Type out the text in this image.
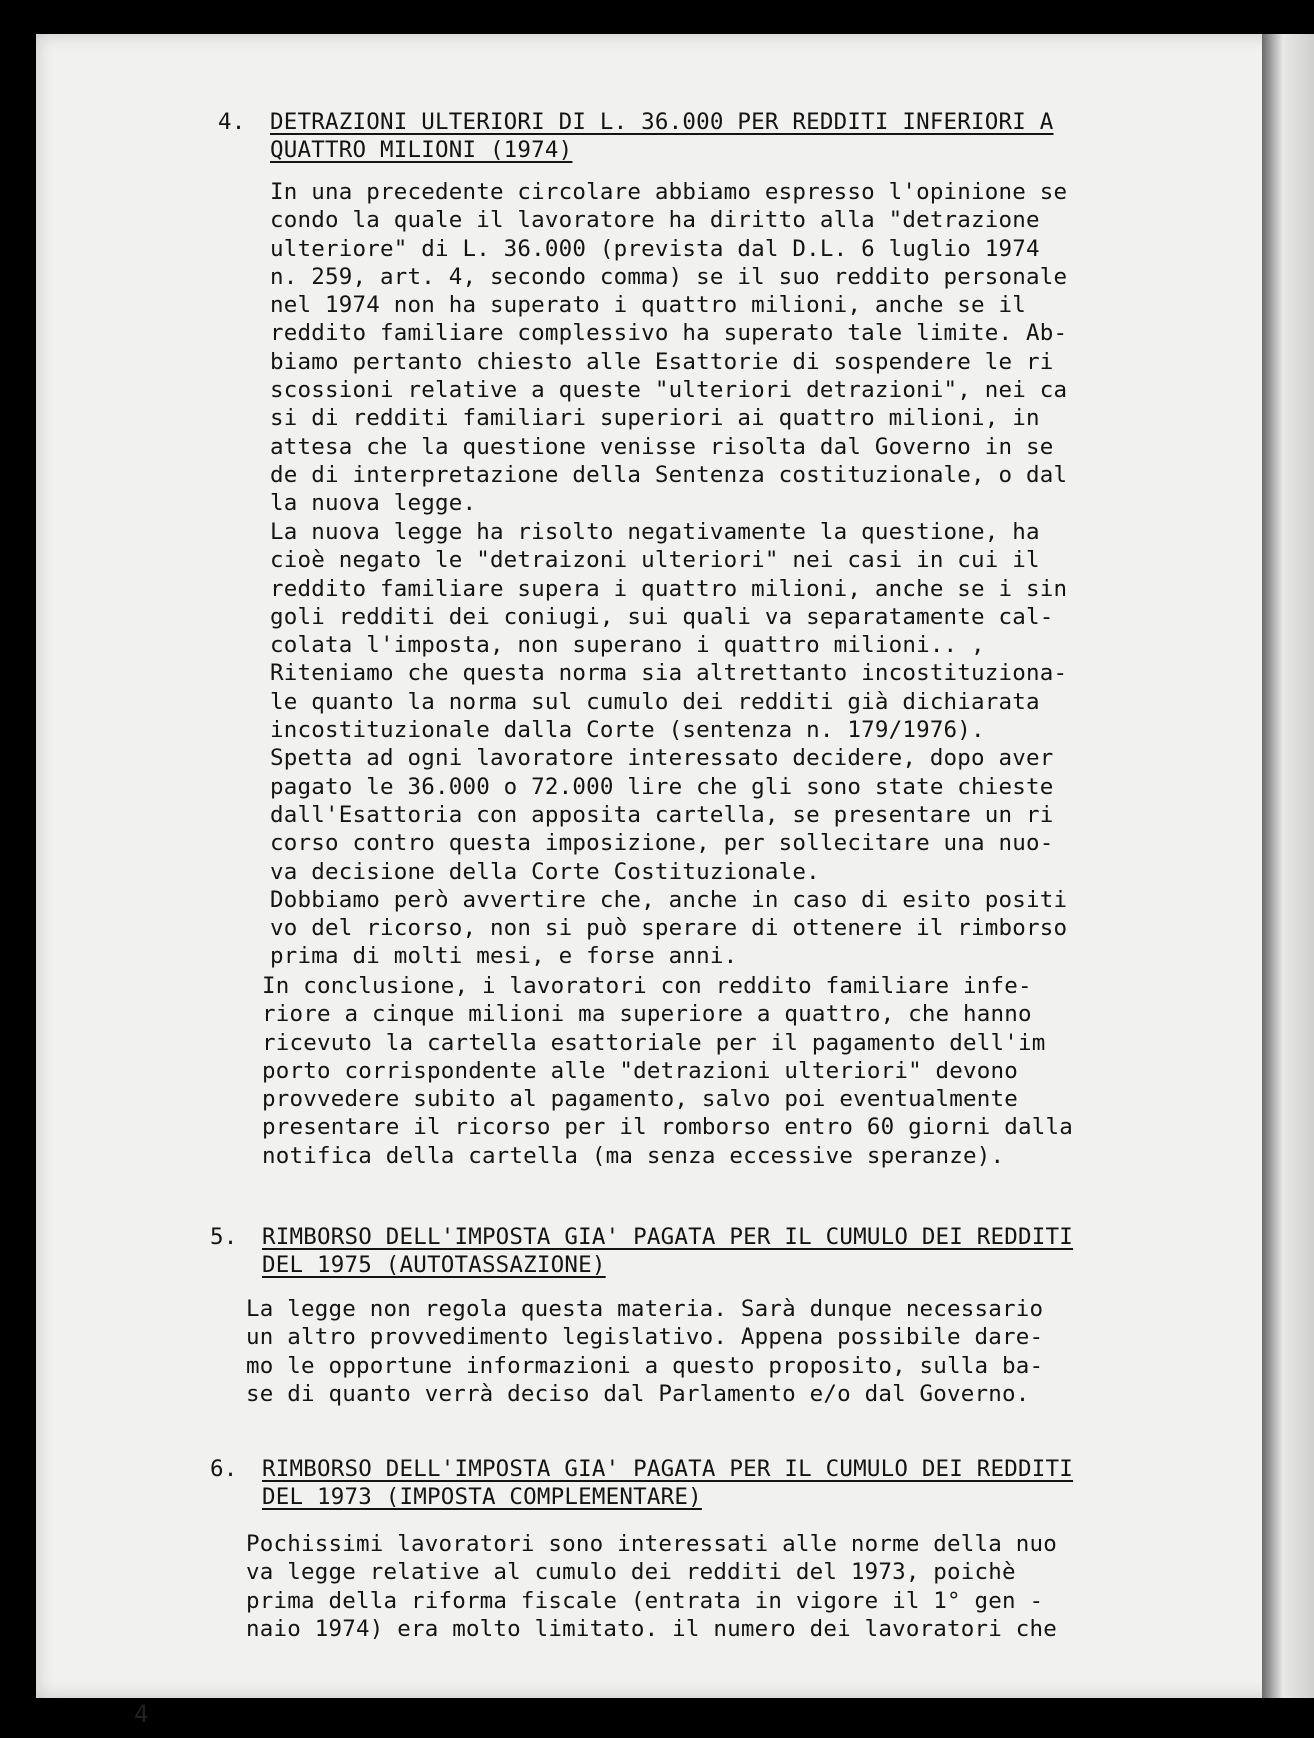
4. DETRAZIONI ULTERIORI DI L. 36.000 PER REDDITI INFERIORI A
QUATTRO MILIONI (1974)
In una precedente circolare abbiamo espresso l'opinione se
condo la quale il lavoratore ha diritto alla "detrazione
ulteriore" di L. 36.000 (prevista dal D.L. 6 luglio 1974
n. 259, art. 4, secondo comma) se il suo reddito personale
nel 1974 non ha superato i quattro milioni, anche se il
reddito familiare complessivo ha superato tale limite. Ab-
biamo pertanto chiesto alle Esattorie di sospendere le ri
scossioni relative a queste "ulteriori detrazioni", nei ca
si di redditi familiari superiori ai quattro milioni, in
attesa che la questione venisse risolta dal Governo in se
de di interpretazione della Sentenza costituzionale, o dal
la nuova legge.
La nuova legge ha risolto negativamente la questione, ha
cioè negato le "detraizoni ulteriori" nei casi in cui il
reddito familiare supera i quattro milioni, anche se i sin
goli redditi dei coniugi, sui quali va separatamente cal-
colata l'imposta, non superano i quattro milioni.. ,
Riteniamo che questa norma sia altrettanto incostituziona-
le quanto la norma sul cumulo dei redditi già dichiarata
incostituzionale dalla Corte (sentenza n. 179/1976).
Spetta ad ogni lavoratore interessato decidere, dopo aver
pagato le 36.000 o 72.000 lire che gli sono state chieste
dall'Esattoria con apposita cartella, se presentare un ri
corso contro questa imposizione, per sollecitare una nuo-
va decisione della Corte Costituzionale.
Dobbiamo però avvertire che, anche in caso di esito positi
vo del ricorso, non si può sperare di ottenere il rimborso
prima di molti mesi, e forse anni.
In conclusione, i lavoratori con reddito familiare infe-
riore a cinque milioni ma superiore a quattro, che hanno
ricevuto la cartella esattoriale per il pagamento dell'im
porto corrispondente alle "detrazioni ulteriori" devono
provvedere subito al pagamento, salvo poi eventualmente
presentare il ricorso per il romborso entro 60 giorni dalla
notifica della cartella (ma senza eccessive speranze).
5. RIMBORSO DELL'IMPOSTA GIA' PAGATA PER IL CUMULO DEI REDDITI
DEL 1975 (AUTOTASSAZIONE)
La legge non regola questa materia. Sarà dunque necessario
un altro provvedimento legislativo. Appena possibile dare-
mo le opportune informazioni a questo proposito, sulla ba-
se di quanto verrà deciso dal Parlamento e/o dal Governo.
6. RIMBORSO DELL'IMPOSTA GIA' PAGATA PER IL CUMULO DEI REDDITI
DEL 1973 (IMPOSTA COMPLEMENTARE)
Pochissimi lavoratori sono interessati alle norme della nuo
va legge relative al cumulo dei redditi del 1973, poichè
prima della riforma fiscale (entrata in vigore il 1° gen -
naio 1974) era molto limitato. il numero dei lavoratori che
4
